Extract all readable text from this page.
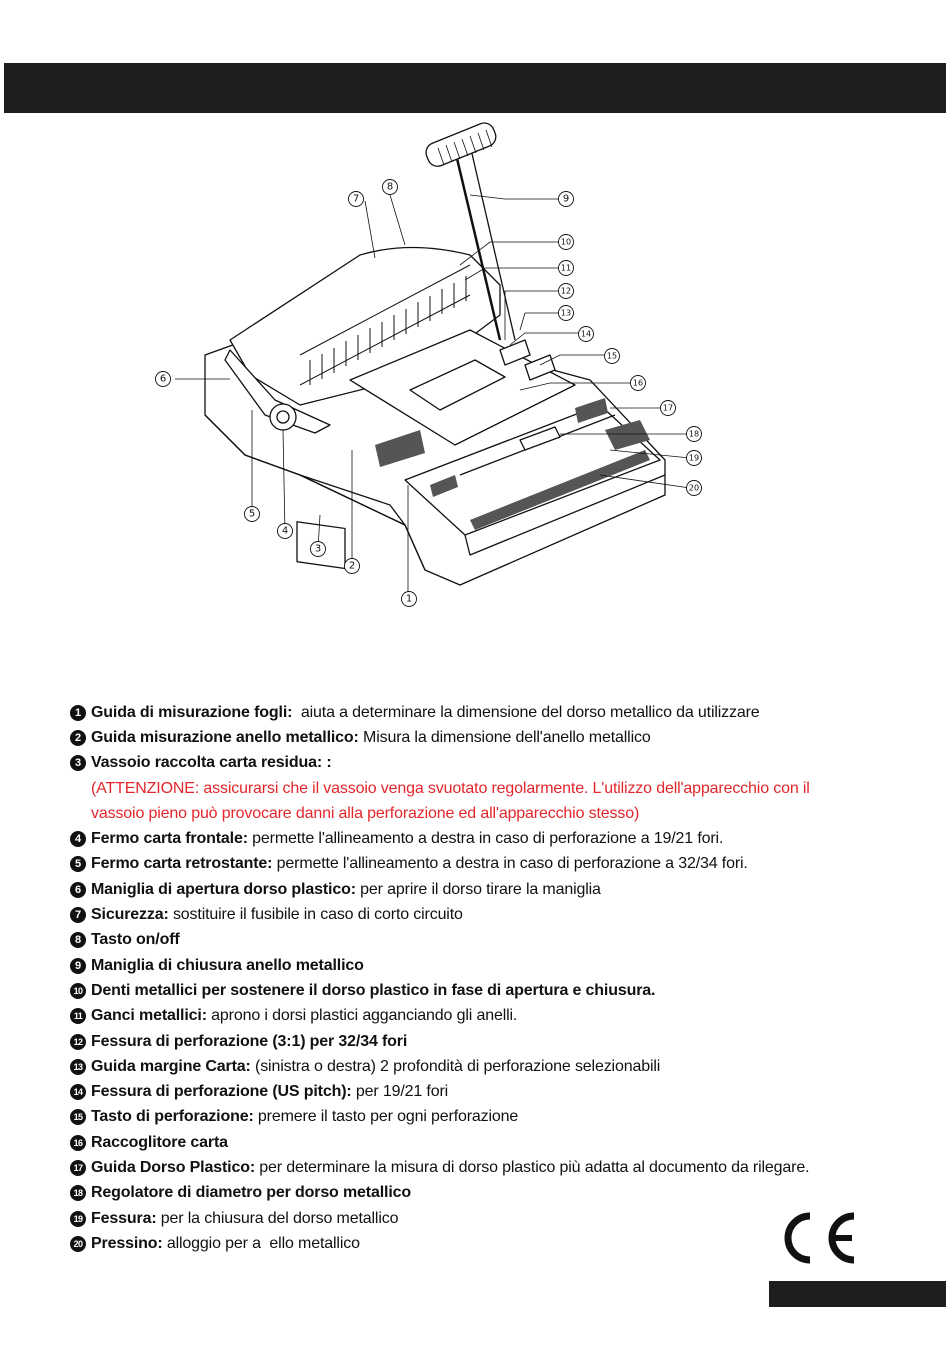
1
2
3
4
5
6
7
8
9
10
11
12
13
14
15
16
17
18
19
20
1 Guida di misurazione fogli: aiuta a determinare la dimensione del dorso metallico da utilizzare
2 Guida misurazione anello metallico: Misura la dimensione dell'anello metallico
3 Vassoio raccolta carta residua: :
(ATTENZIONE: assicurarsi che il vassoio venga svuotato regolarmente. L'utilizzo dell'apparecchio con il
vassoio pieno può provocare danni alla perforazione ed all'apparecchio stesso)
4 Fermo carta frontale: permette l'allineamento a destra in caso di perforazione a 19/21 fori.
5 Fermo carta retrostante: permette l'allineamento a destra in caso di perforazione a 32/34 fori.
6 Maniglia di apertura dorso plastico: per aprire il dorso tirare la maniglia
7 Sicurezza: sostituire il fusibile in caso di corto circuito
8 Tasto on/off
9 Maniglia di chiusura anello metallico
10 Denti metallici per sostenere il dorso plastico in fase di apertura e chiusura.
11 Ganci metallici: aprono i dorsi plastici agganciando gli anelli.
12 Fessura di perforazione (3:1) per 32/34 fori
13 Guida margine Carta: (sinistra o destra) 2 profondità di perforazione selezionabili
14 Fessura di perforazione (US pitch): per 19/21 fori
15 Tasto di perforazione: premere il tasto per ogni perforazione
16 Raccoglitore carta
17 Guida Dorso Plastico: per determinare la misura di dorso plastico più adatta al documento da rilegare.
18 Regolatore di diametro per dorso metallico
19 Fessura: per la chiusura del dorso metallico
20 Pressino: alloggio per a  ello metallico
